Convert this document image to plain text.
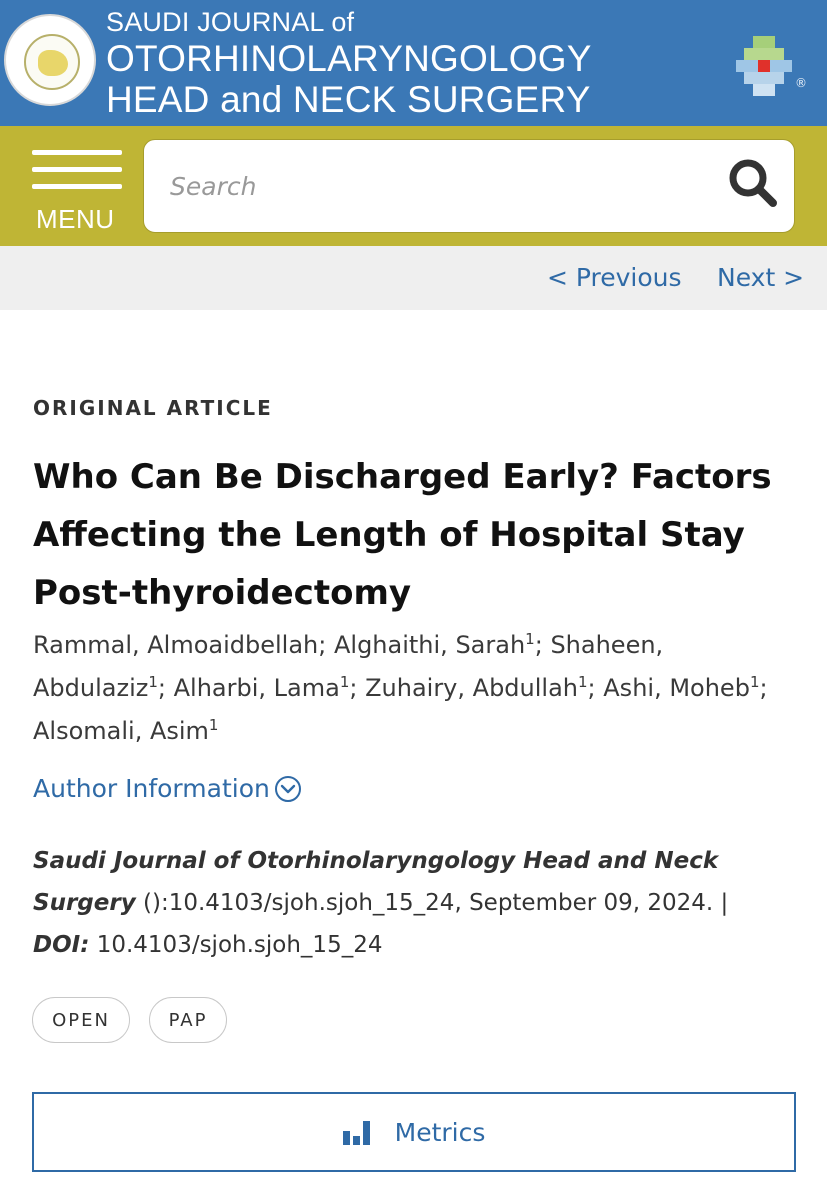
SAUDI JOURNAL of
OTORHINOLARYNGOLOGY
HEAD and NECK SURGERY	®
MENU
Search
< Previous Next >
ORIGINAL ARTICLE
Who Can Be Discharged Early? Factors
Affecting the Length of Hospital Stay
Post-thyroidectomy
Rammal, Almoaidbellah; Alghaithi, Sarah$^1$; Shaheen, Abdulaziz$^1$; Alharbi, Lama$^1$; Zuhairy, Abdullah$^1$; Ashi, Moheb$^1$; Alsomali, Asim$^1$
Author Information
Saudi Journal of Otorhinolaryngology Head and Neck
Surgery ():10.4103/sjoh.sjoh_15_24, September 09, 2024. |
DOI: 10.4103/sjoh.sjoh_15_24
OPEN	PAP
Metrics
